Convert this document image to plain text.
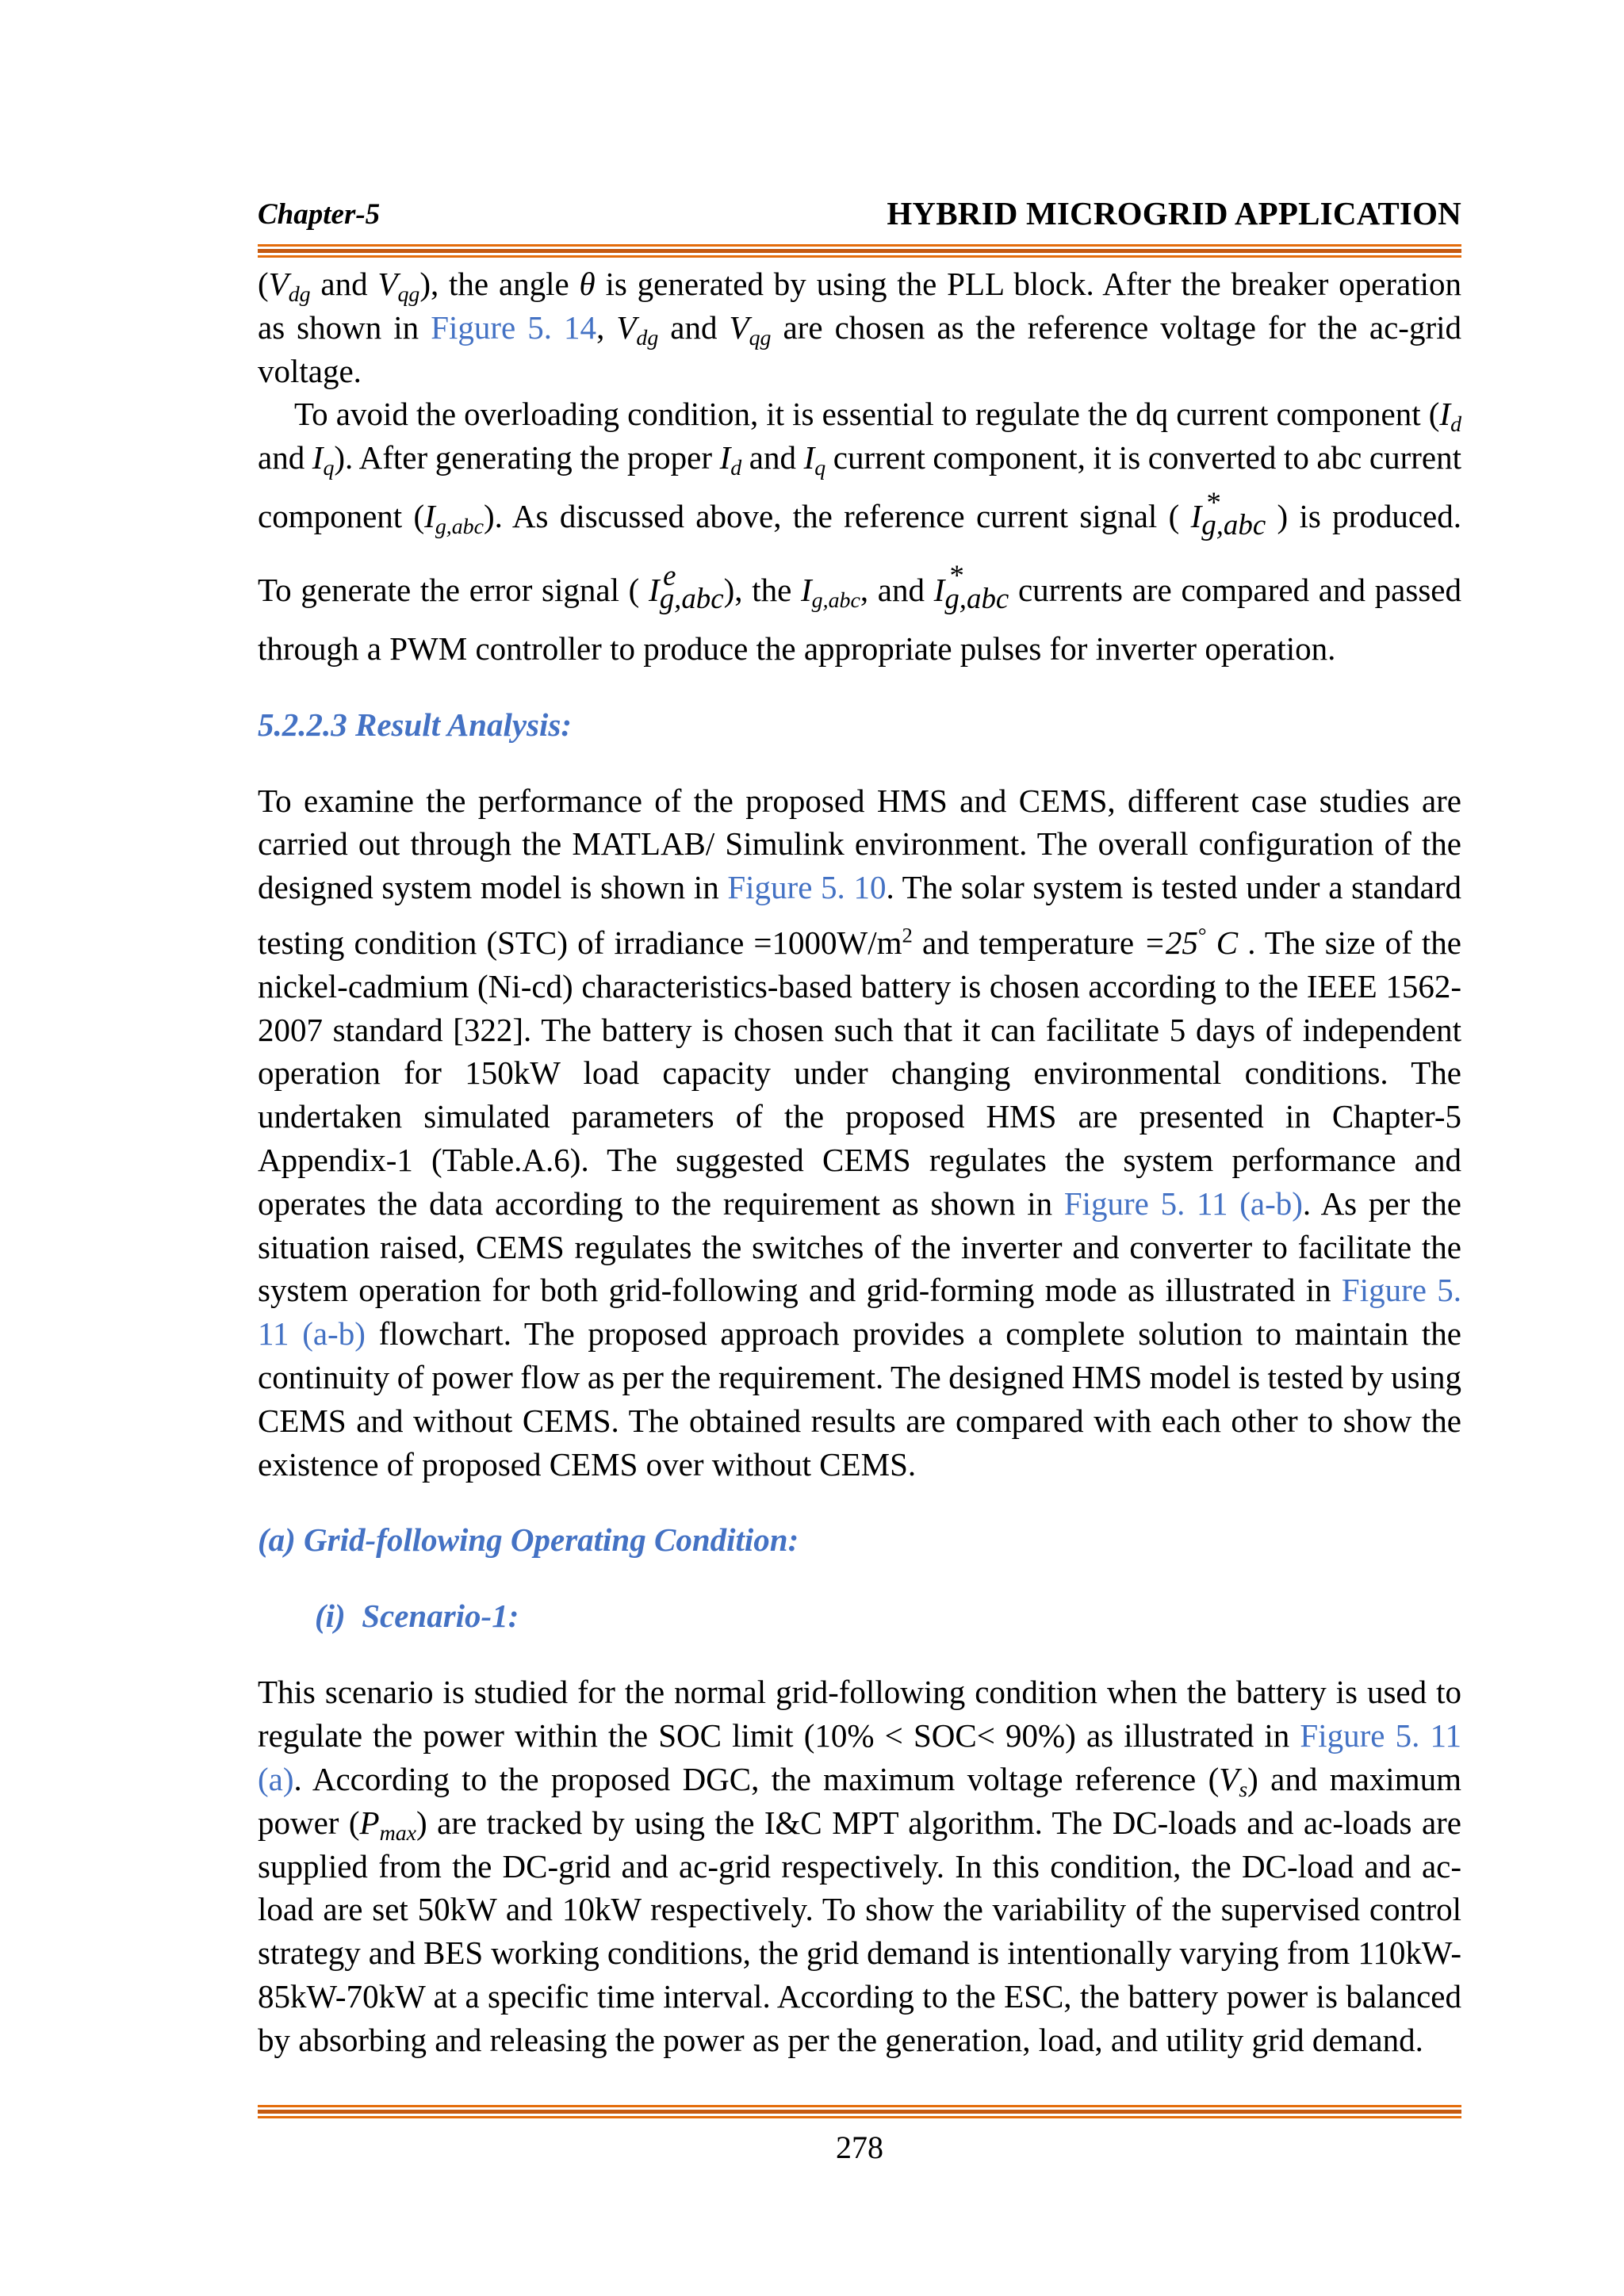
Chapter-5	HYBRID MICROGRID APPLICATION
($V_{dg}$ and $V_{qg}$), the angle θ is generated by using the PLL block. After the breaker operation
as shown in Figure 5. 14, $V_{dg}$ and $V_{qg}$ are chosen as the reference voltage for the ac-grid
voltage.
To avoid the overloading condition, it is essential to regulate the dq current component ($I_d$
and $I_q$). After generating the proper $I_d$ and $I_q$ current component, it is converted to abc current
component $(I_{g,abc})$. As discussed above, the reference current signal ( Ig,abc
* ) is produced.
To generate the error signal ( Ig,abc
e ), the $I_{g,abc}$, and Ig,abc
* currents are compared and passed
through a PWM controller to produce the appropriate pulses for inverter operation.
5.2.2.3 Result Analysis:
To examine the performance of the proposed HMS and CEMS, different case studies are
carried out through the MATLAB/ Simulink environment. The overall configuration of the
designed system model is shown in Figure 5. 10. The solar system is tested under a standard
testing condition (STC) of irradiance $=1000W/m^2$ and temperature =25° C . The size of the
nickel-cadmium (Ni-cd) characteristics-based battery is chosen according to the IEEE 1562-
2007 standard [322]. The battery is chosen such that it can facilitate 5 days of independent
operation for 150kW load capacity under changing environmental conditions. The
undertaken simulated parameters of the proposed HMS are presented in Chapter-5
Appendix-1 (Table.A.6). The suggested CEMS regulates the system performance and
operates the data according to the requirement as shown in Figure 5. 11 (a-b). As per the
situation raised, CEMS regulates the switches of the inverter and converter to facilitate the
system operation for both grid-following and grid-forming mode as illustrated in Figure 5.
11 (a-b) flowchart. The proposed approach provides a complete solution to maintain the
continuity of power flow as per the requirement. The designed HMS model is tested by using
CEMS and without CEMS. The obtained results are compared with each other to show the
existence of proposed CEMS over without CEMS.
(a) Grid-following Operating Condition:
(i)  Scenario-1:
This scenario is studied for the normal grid-following condition when the battery is used to
regulate the power within the SOC limit (10% < SOC< 90%) as illustrated in Figure 5. 11
(a). According to the proposed DGC, the maximum voltage reference $(V_s)$ and maximum
power $(P_{max})$ are tracked by using the I&C MPT algorithm. The DC-loads and ac-loads are
supplied from the DC-grid and ac-grid respectively. In this condition, the DC-load and ac-
load are set 50kW and 10kW respectively. To show the variability of the supervised control
strategy and BES working conditions, the grid demand is intentionally varying from 110kW-
85kW-70kW at a specific time interval. According to the ESC, the battery power is balanced
by absorbing and releasing the power as per the generation, load, and utility grid demand.
278
